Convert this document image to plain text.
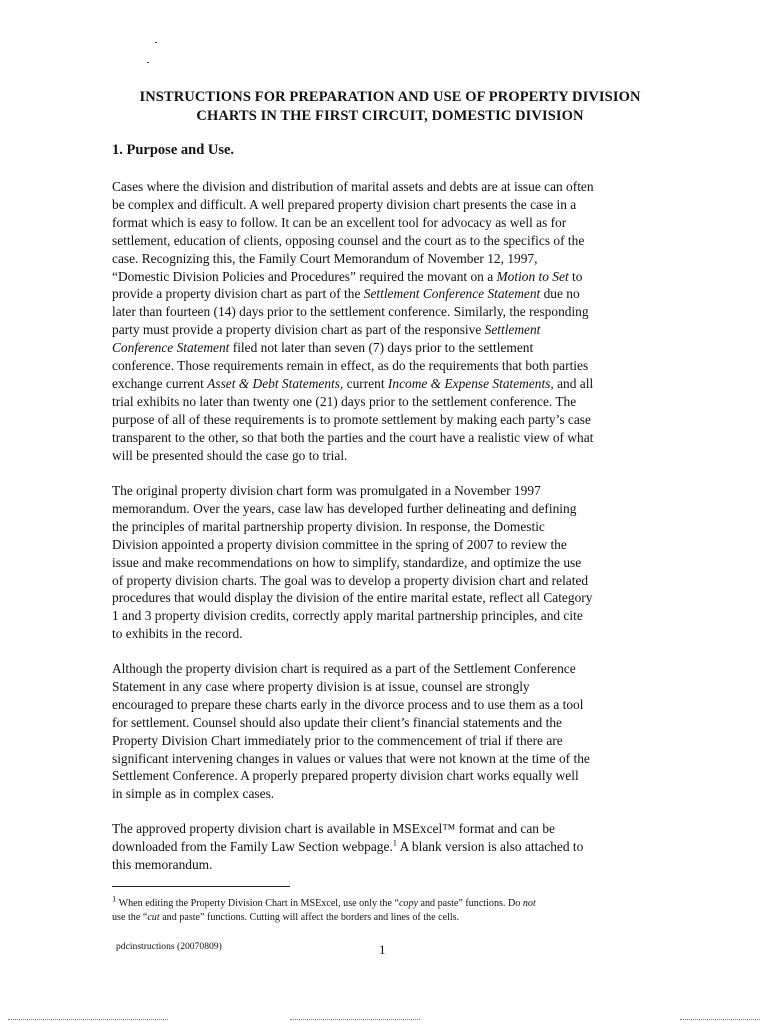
INSTRUCTIONS FOR PREPARATION AND USE OF PROPERTY DIVISION
CHARTS IN THE FIRST CIRCUIT, DOMESTIC DIVISION
1. Purpose and Use.
Cases where the division and distribution of marital assets and debts are at issue can often
be complex and difficult. A well prepared property division chart presents the case in a
format which is easy to follow. It can be an excellent tool for advocacy as well as for
settlement, education of clients, opposing counsel and the court as to the specifics of the
case. Recognizing this, the Family Court Memorandum of November 12, 1997,
“Domestic Division Policies and Procedures” required the movant on a Motion to Set to
provide a property division chart as part of the Settlement Conference Statement due no
later than fourteen (14) days prior to the settlement conference. Similarly, the responding
party must provide a property division chart as part of the responsive Settlement
Conference Statement filed not later than seven (7) days prior to the settlement
conference. Those requirements remain in effect, as do the requirements that both parties
exchange current Asset & Debt Statements, current Income & Expense Statements, and all
trial exhibits no later than twenty one (21) days prior to the settlement conference. The
purpose of all of these requirements is to promote settlement by making each party’s case
transparent to the other, so that both the parties and the court have a realistic view of what
will be presented should the case go to trial.
The original property division chart form was promulgated in a November 1997
memorandum. Over the years, case law has developed further delineating and defining
the principles of marital partnership property division. In response, the Domestic
Division appointed a property division committee in the spring of 2007 to review the
issue and make recommendations on how to simplify, standardize, and optimize the use
of property division charts. The goal was to develop a property division chart and related
procedures that would display the division of the entire marital estate, reflect all Category
1 and 3 property division credits, correctly apply marital partnership principles, and cite
to exhibits in the record.
Although the property division chart is required as a part of the Settlement Conference
Statement in any case where property division is at issue, counsel are strongly
encouraged to prepare these charts early in the divorce process and to use them as a tool
for settlement. Counsel should also update their client’s financial statements and the
Property Division Chart immediately prior to the commencement of trial if there are
significant intervening changes in values or values that were not known at the time of the
Settlement Conference. A properly prepared property division chart works equally well
in simple as in complex cases.
The approved property division chart is available in MSExcel™ format and can be
downloaded from the Family Law Section webpage.$^1$ A blank version is also attached to
this memorandum.
$^1$ When editing the Property Division Chart in MSExcel, use only the “copy and paste” functions. Do not
use the “cut and paste” functions. Cutting will affect the borders and lines of the cells.
pdcinstructions (20070809)	1
